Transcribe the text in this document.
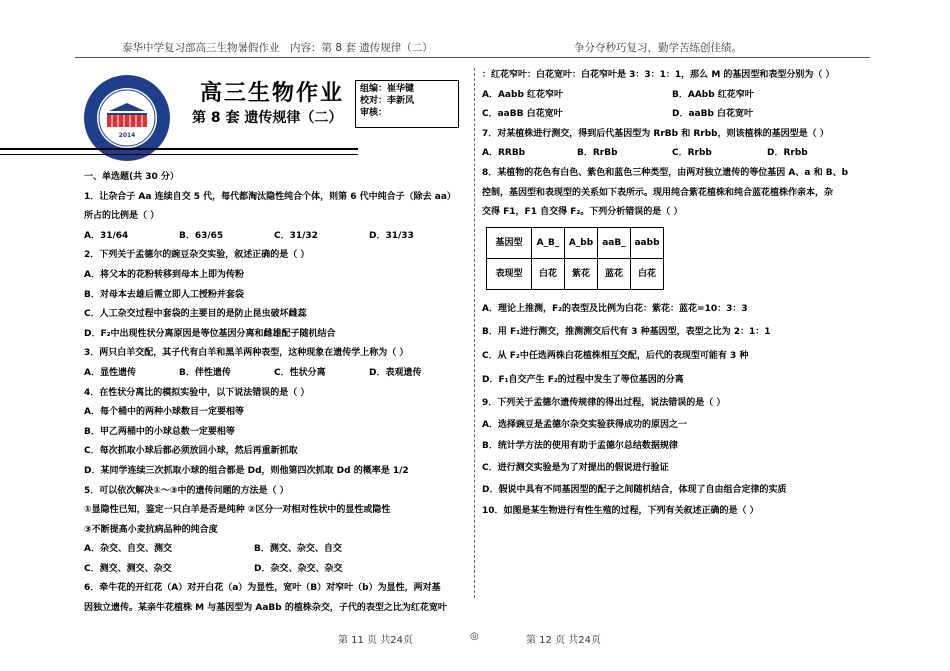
泰华中学复习部高三生物暑假作业 内容：第 8 套 遗传规律（二）	争分夺秒巧复习，勤学苦练创佳绩。
2014
高三生物作业
第 8 套 遗传规律（二）
组编：崔华键
校对：李新风
审核：
一、单选题(共 30 分）
1．让杂合子 Aa 连续自交 5 代，每代都淘汰隐性纯合个体，则第 6 代中纯合子（除去 aa）
所占的比例是（ ）
A．31/64	B．63/65	C．31/32	D．31/33
2．下列关于孟德尔的豌豆杂交实验，叙述正确的是（ ）
A．将父本的花粉转移到母本上即为传粉
B．对母本去雄后需立即人工授粉并套袋
C．人工杂交过程中套袋的主要目的是防止昆虫破坏雌蕊
D．F₂中出现性状分离原因是等位基因分离和雌雄配子随机结合
3．两只白羊交配，其子代有白羊和黑羊两种表型，这种现象在遗传学上称为（ ）
A．显性遗传	B．伴性遗传	C．性状分离	D．表观遗传
4．在性状分离比的模拟实验中，以下说法错误的是（ ）
A．每个桶中的两种小球数目一定要相等
B．甲乙两桶中的小球总数一定要相等
C．每次抓取小球后都必须放回小球，然后再重新抓取
D．某同学连续三次抓取小球的组合都是 Dd，则他第四次抓取 Dd 的概率是 1/2
5．可以依次解决①～③中的遗传问题的方法是（ ）
①显隐性已知，鉴定一只白羊是否是纯种 ②区分一对相对性状中的显性或隐性
③不断提高小麦抗病品种的纯合度
A．杂交、自交、测交	B．测交、杂交、自交
C．测交、测交、杂交	D．杂交、杂交、杂交
6．牵牛花的开红花（A）对开白花（a）为显性，宽叶（B）对窄叶（b）为显性，两对基
因独立遗传。某亲牛花植株 M 与基因型为 AaBb 的植株杂交，子代的表型之比为红花宽叶
：红花窄叶：白花宽叶：白花窄叶是 3：3：1：1，那么 M 的基因型和表型分别为（ ）
A．Aabb 红花窄叶	B．AAbb 红花窄叶
C．aaBB 白花宽叶	D．aaBb 白花宽叶
7．对某植株进行测交，得到后代基因型为 RrBb 和 Rrbb，则该植株的基因型是（ ）
A．RRBb	B．RrBb	C．Rrbb	D．Rrbb
8．某植物的花色有白色、紫色和蓝色三种类型，由两对独立遗传的等位基因 A、a 和 B、b
控制，基因型和表现型的关系如下表所示。现用纯合紫花植株和纯合蓝花植株作亲本，杂
交得 F1，F1 自交得 F₂。下列分析错误的是（ ）
基因型	A_B_	A_bb	aaB_	aabb
表现型	白花	紫花	蓝花	白花
A．理论上推测，F₂的表型及比例为白花：紫花：蓝花=10：3：3
B．用 F₁进行测交，推测测交后代有 3 种基因型，表型之比为 2：1：1
C．从 F₂中任选两株白花植株相互交配，后代的表现型可能有 3 种
D．F₁自交产生 F₂的过程中发生了等位基因的分离
9．下列关于孟德尔遗传规律的得出过程，说法错误的是（ ）
A．选择豌豆是孟德尔杂交实验获得成功的原因之一
B．统计学方法的使用有助于孟德尔总结数据规律
C．进行测交实验是为了对提出的假说进行验证
D．假说中具有不同基因型的配子之间随机结合，体现了自由组合定律的实质
10．如图是某生物进行有性生殖的过程，下列有关叙述正确的是（ ）
第 11 页 共24页	◎	第 12 页 共24页
